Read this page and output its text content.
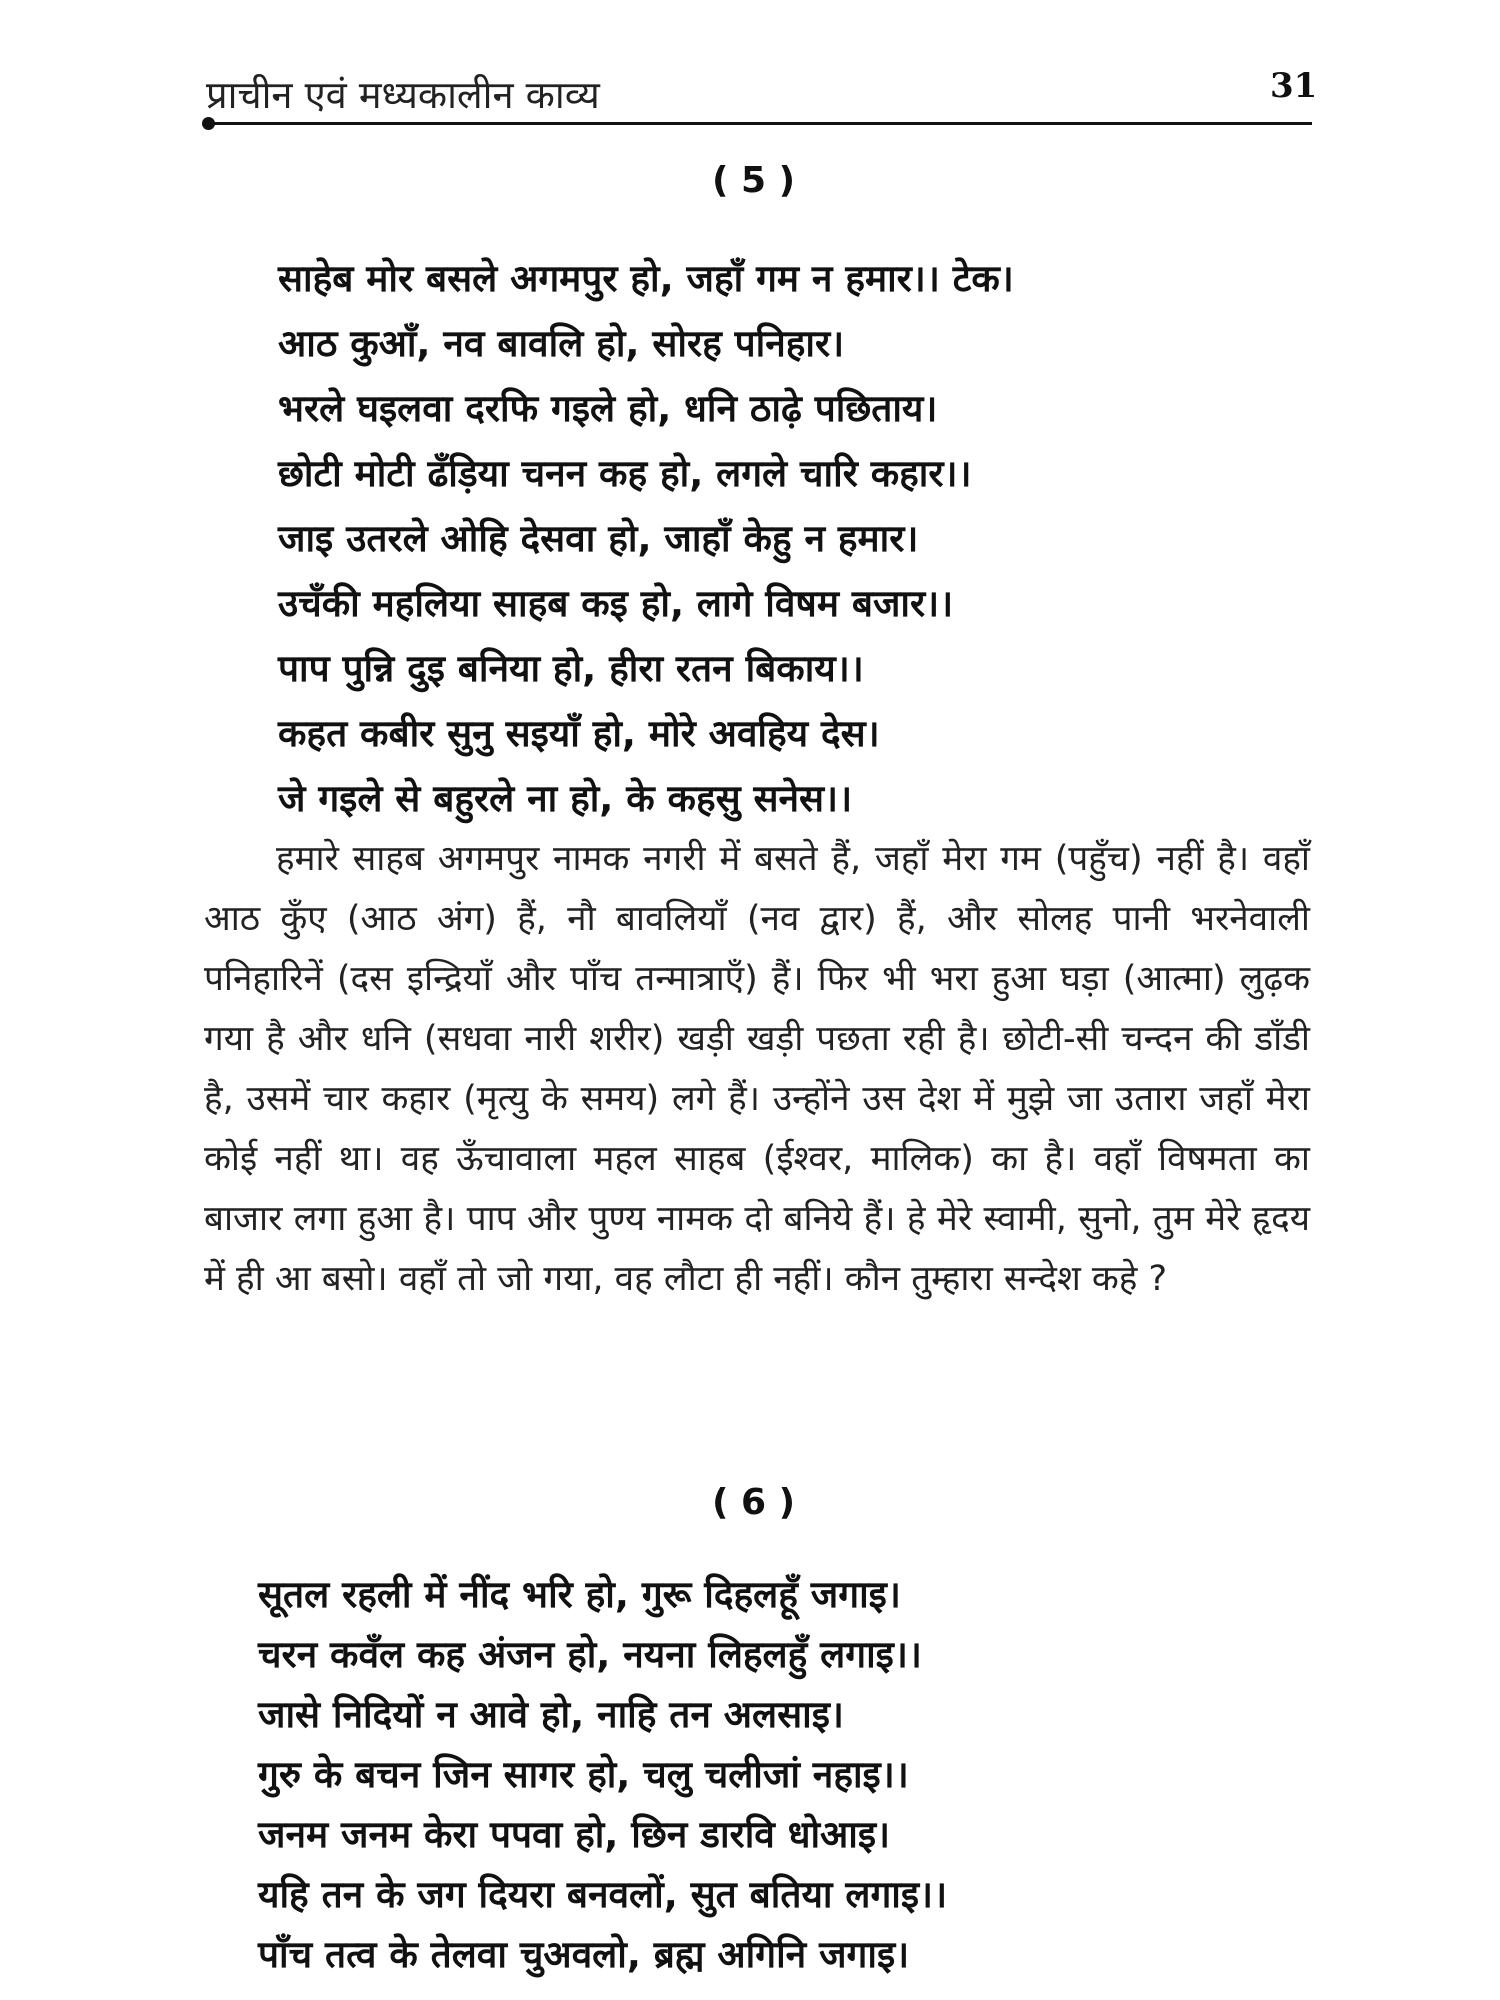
प्राचीन एवं मध्यकालीन काव्य	31
( 5 )
साहेब मोर बसले अगमपुर हो, जहाँ गम न हमार।। टेक।
आठ कुआँ, नव बावलि हो, सोरह पनिहार।
भरले घइलवा दरफि गइले हो, धनि ठाढ़े पछिताय।
छोटी मोटी ढँड़िया चनन कह हो, लगले चारि कहार।।
जाइ उतरले ओहि देसवा हो, जाहाँ केहु न हमार।
उचँकी महलिया साहब कइ हो, लागे विषम बजार।।
पाप पुन्नि दुइ बनिया हो, हीरा रतन बिकाय।।
कहत कबीर सुनु सइयाँ हो, मोरे अवहिय देस।
जे गइले से बहुरले ना हो, के कहसु सनेस।।

हमारे साहब अगमपुर नामक नगरी में बसते हैं, जहाँ मेरा गम (पहुँच) नहीं है। वहाँ आठ कुँए (आठ अंग) हैं, नौ बावलियाँ (नव द्वार) हैं, और सोलह पानी भरनेवाली पनिहारिनें (दस इन्द्रियाँ और पाँच तन्मात्राएँ) हैं। फिर भी भरा हुआ घड़ा (आत्मा) लुढ़क गया है और धनि (सधवा नारी शरीर) खड़ी खड़ी पछता रही है। छोटी-सी चन्दन की डाँडी है, उसमें चार कहार (मृत्यु के समय) लगे हैं। उन्होंने उस देश में मुझे जा उतारा जहाँ मेरा कोई नहीं था। वह ऊँचावाला महल साहब (ईश्वर, मालिक) का है। वहाँ विषमता का बाजार लगा हुआ है। पाप और पुण्य नामक दो बनिये हैं। हे मेरे स्वामी, सुनो, तुम मेरे हृदय में ही आ बसो। वहाँ तो जो गया, वह लौटा ही नहीं। कौन तुम्हारा सन्देश कहे ?

( 6 )
सूतल रहली में नींद भरि हो, गुरू दिहलहूँ जगाइ।
चरन कवँल कह अंजन हो, नयना लिहलहुँ लगाइ।।
जासे निदियों न आवे हो, नाहि तन अलसाइ।
गुरु के बचन जिन सागर हो, चलु चलीजां नहाइ।।
जनम जनम केरा पपवा हो, छिन डारवि धोआइ।
यहि तन के जग दियरा बनवलों, सुत बतिया लगाइ।।
पाँच तत्व के तेलवा चुअवलो, ब्रह्म अगिनि जगाइ।
